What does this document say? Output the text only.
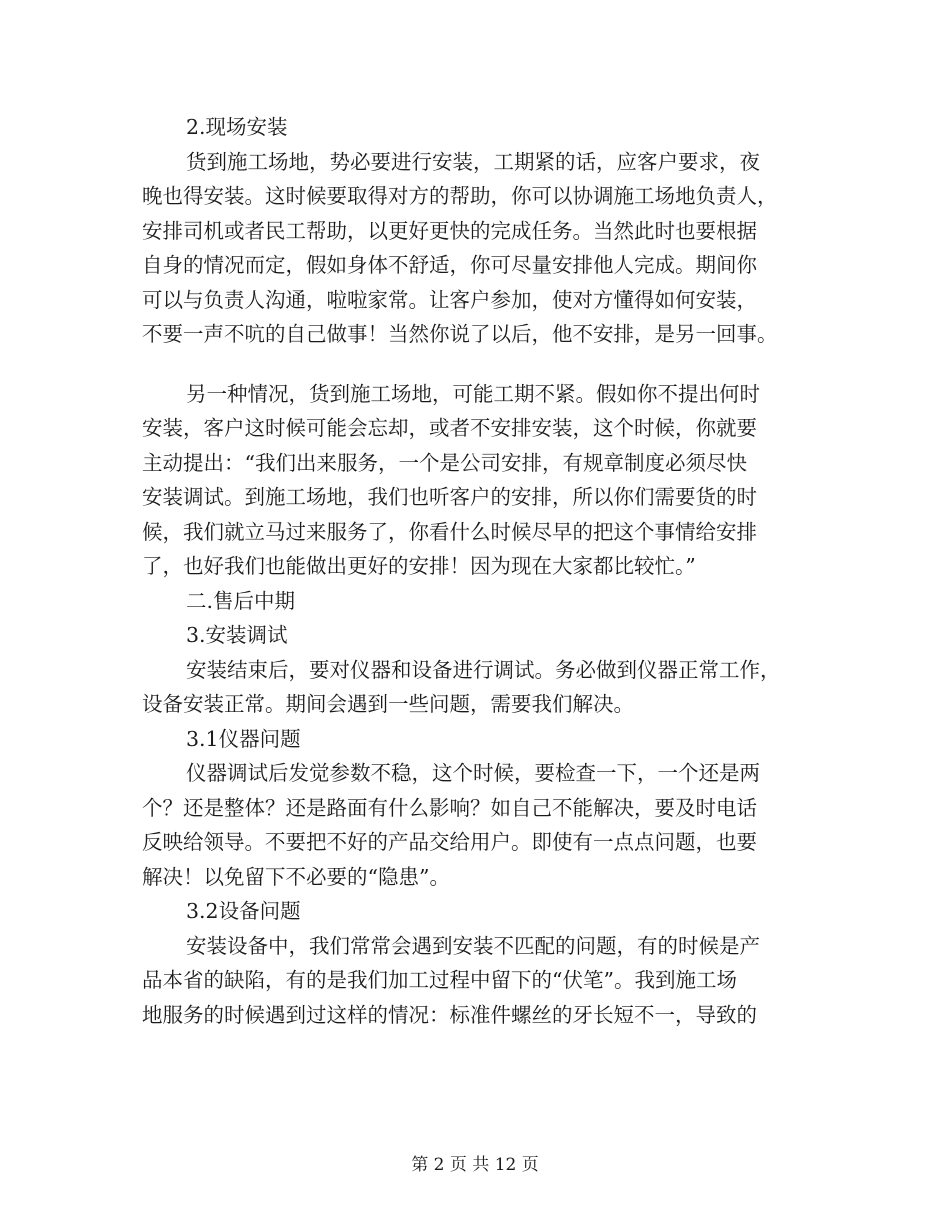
2.现场安装
货到施工场地，势必要进行安装，工期紧的话，应客户要求，夜
晚也得安装。这时候要取得对方的帮助，你可以协调施工场地负责人，
安排司机或者民工帮助，以更好更快的完成任务。当然此时也要根据
自身的情况而定，假如身体不舒适，你可尽量安排他人完成。期间你
可以与负责人沟通，啦啦家常。让客户参加，使对方懂得如何安装，
不要一声不吭的自己做事！当然你说了以后，他不安排，是另一回事。
另一种情况，货到施工场地，可能工期不紧。假如你不提出何时
安装，客户这时候可能会忘却，或者不安排安装，这个时候，你就要
主动提出：“我们出来服务，一个是公司安排，有规章制度必须尽快
安装调试。到施工场地，我们也听客户的安排，所以你们需要货的时
候，我们就立马过来服务了，你看什么时候尽早的把这个事情给安排
了，也好我们也能做出更好的安排！因为现在大家都比较忙。”
二.售后中期
3.安装调试
安装结束后，要对仪器和设备进行调试。务必做到仪器正常工作，
设备安装正常。期间会遇到一些问题，需要我们解决。
3.1仪器问题
仪器调试后发觉参数不稳，这个时候，要检查一下，一个还是两
个？还是整体？还是路面有什么影响？如自己不能解决，要及时电话
反映给领导。不要把不好的产品交给用户。即使有一点点问题，也要
解决！以免留下不必要的“隐患”。
3.2设备问题
安装设备中，我们常常会遇到安装不匹配的问题，有的时候是产
品本省的缺陷，有的是我们加工过程中留下的“伏笔”。我到施工场
地服务的时候遇到过这样的情况：标准件螺丝的牙长短不一，导致的
第 2 页 共 12 页
